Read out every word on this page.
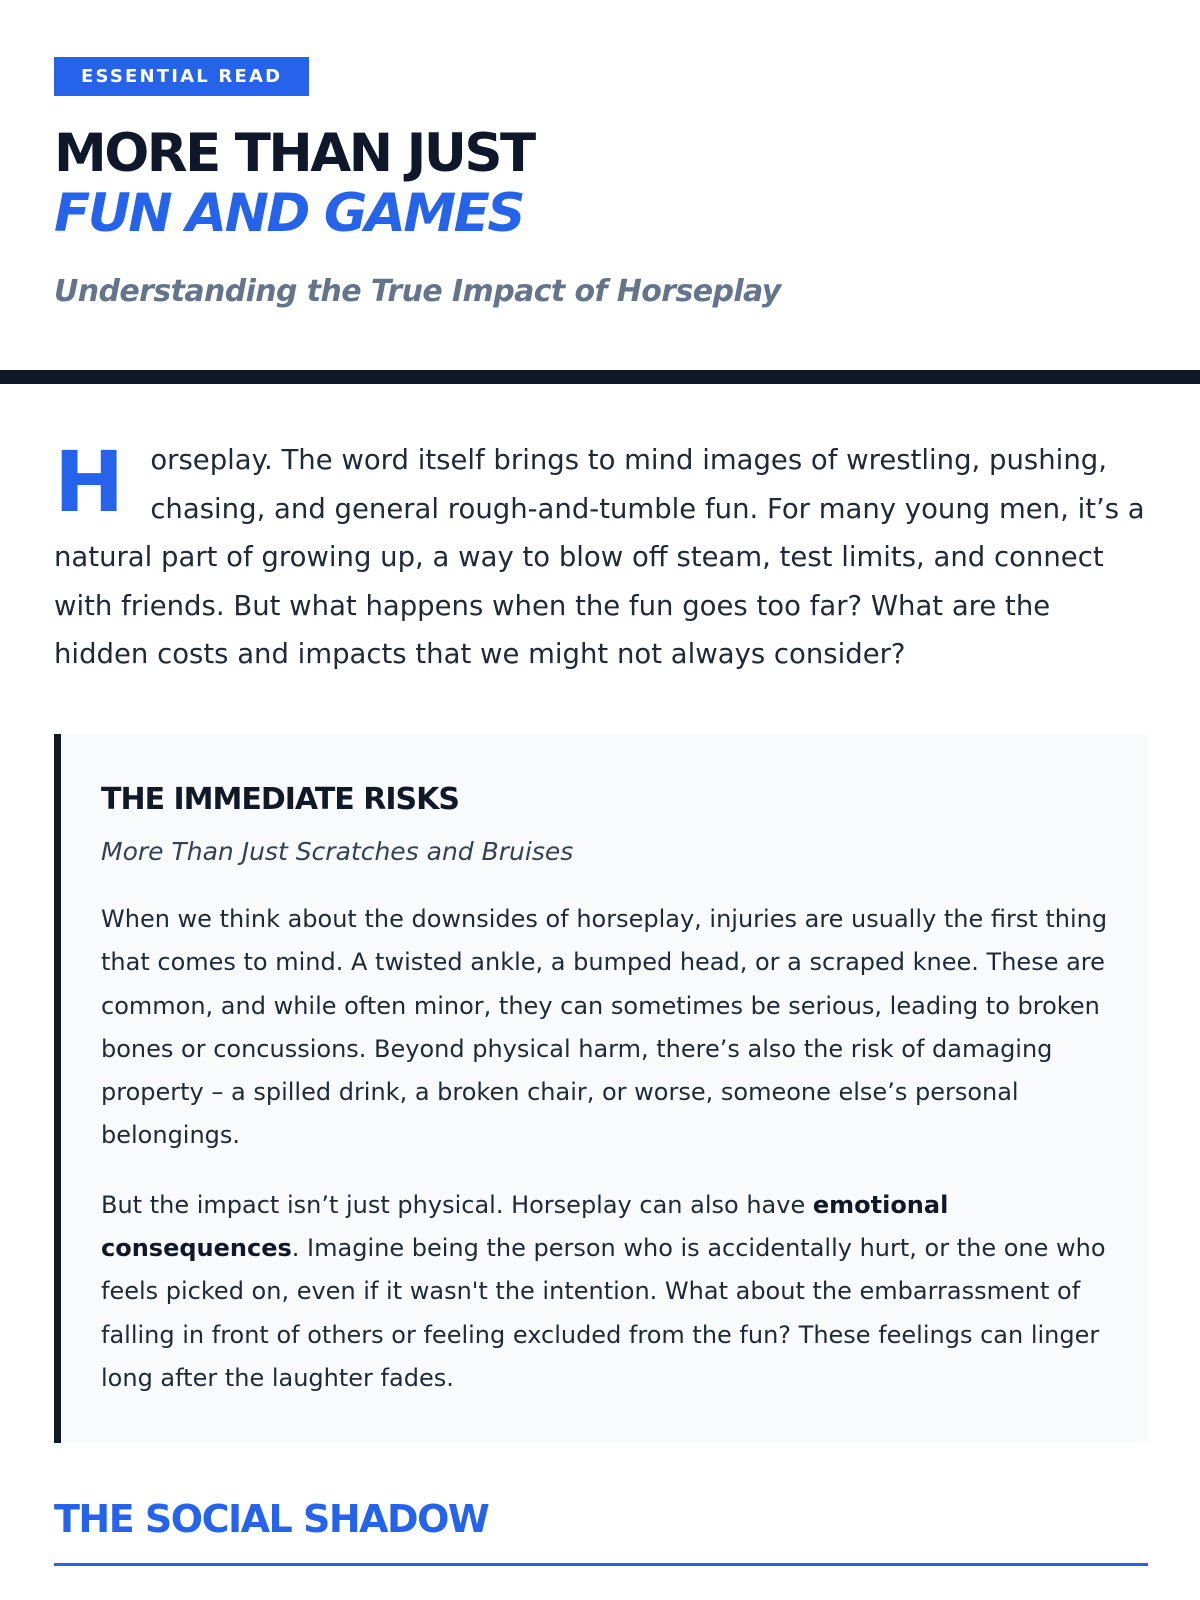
ESSENTIAL READ
MORE THAN JUST
FUN AND GAMES
Understanding the True Impact of Horseplay
H orseplay. The word itself brings to mind images of wrestling, pushing, chasing, and general rough-and-tumble fun. For many young men, it’s a natural part of growing up, a way to blow off steam, test limits, and connect with friends. But what happens when the fun goes too far? What are the hidden costs and impacts that we might not always consider?
THE IMMEDIATE RISKS
More Than Just Scratches and Bruises

When we think about the downsides of horseplay, injuries are usually the first thing that comes to mind. A twisted ankle, a bumped head, or a scraped knee. These are common, and while often minor, they can sometimes be serious, leading to broken bones or concussions. Beyond physical harm, there’s also the risk of damaging property – a spilled drink, a broken chair, or worse, someone else’s personal belongings.

But the impact isn’t just physical. Horseplay can also have emotional consequences. Imagine being the person who is accidentally hurt, or the one who feels picked on, even if it wasn't the intention. What about the embarrassment of falling in front of others or feeling excluded from the fun? These feelings can linger long after the laughter fades.

THE SOCIAL SHADOW
